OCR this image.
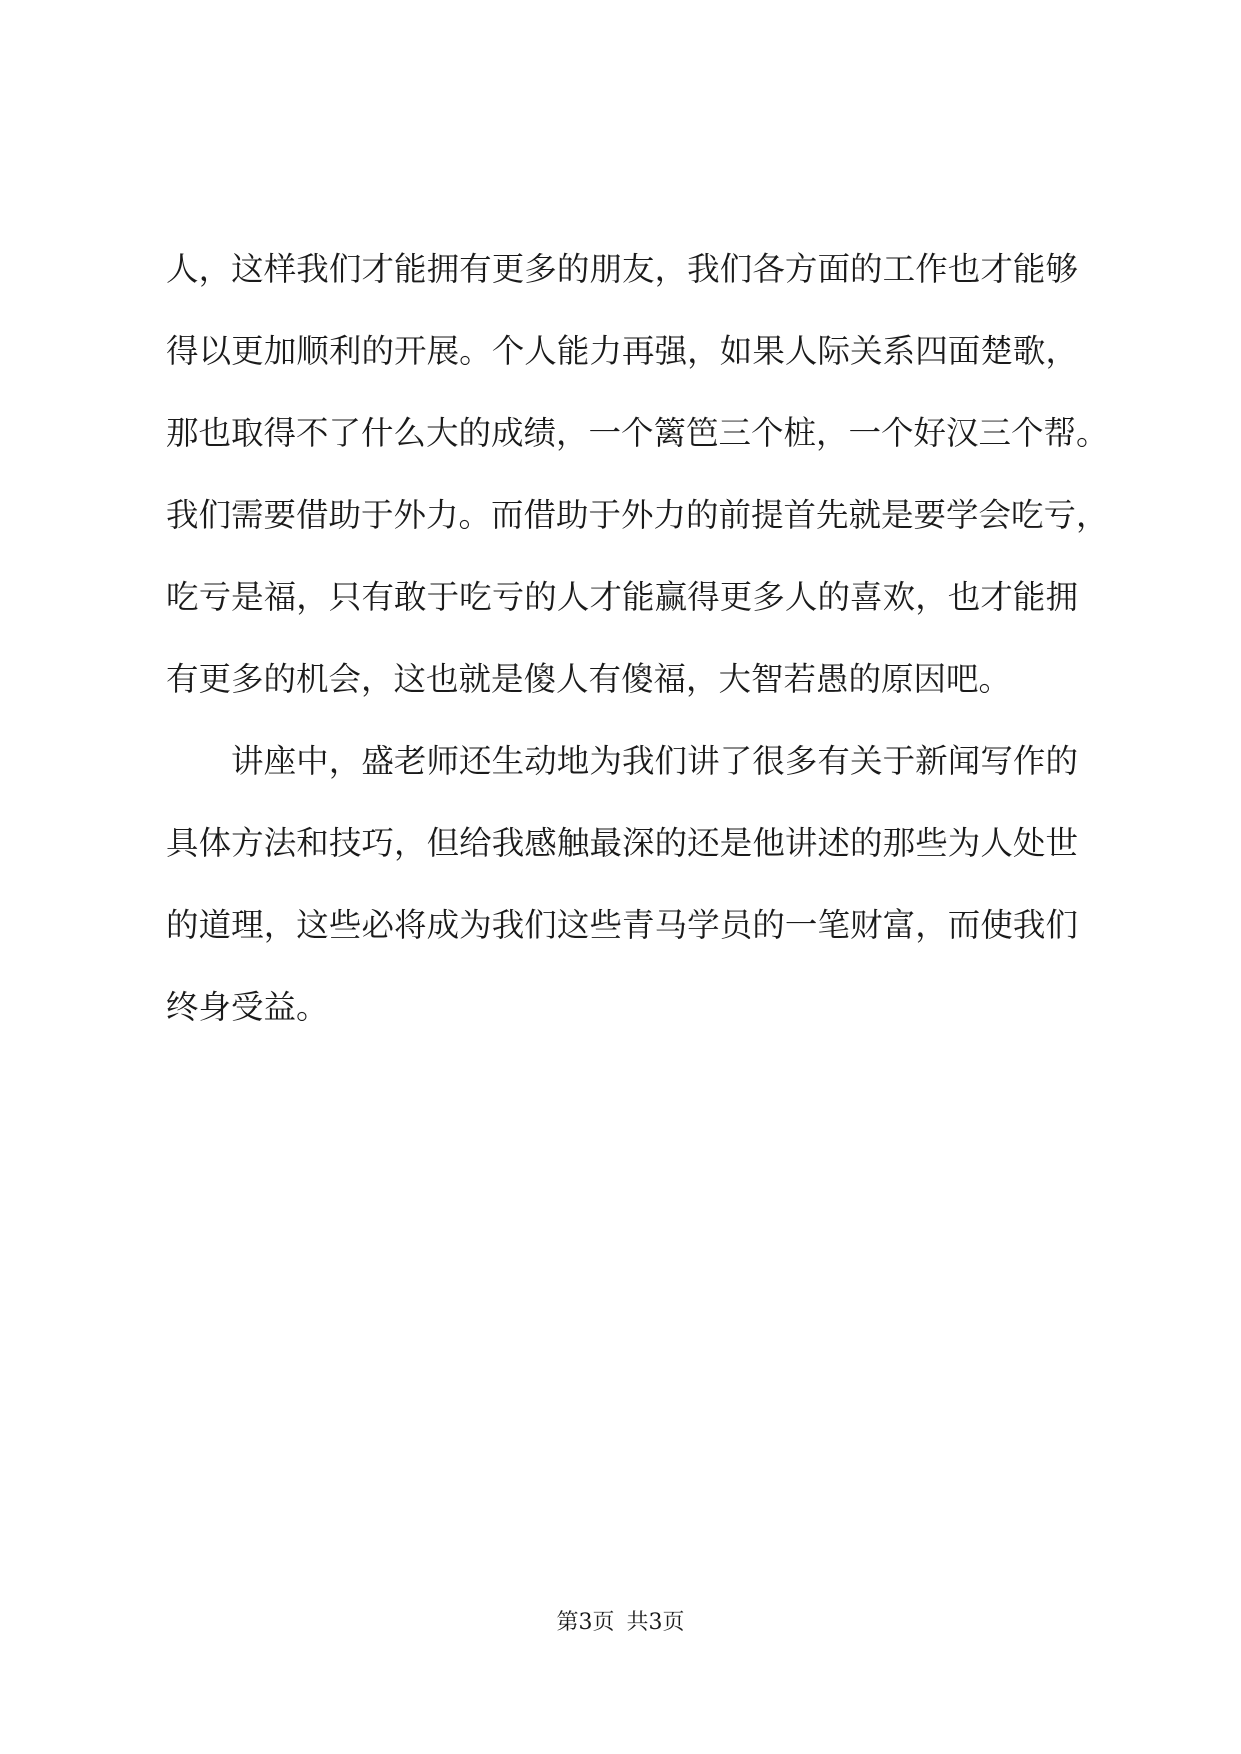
人，这样我们才能拥有更多的朋友，我们各方面的工作也才能够
得以更加顺利的开展。个人能力再强，如果人际关系四面楚歌，
那也取得不了什么大的成绩，一个篱笆三个桩，一个好汉三个帮。
我们需要借助于外力。而借助于外力的前提首先就是要学会吃亏，
吃亏是福，只有敢于吃亏的人才能赢得更多人的喜欢，也才能拥
有更多的机会，这也就是傻人有傻福，大智若愚的原因吧。
讲座中，盛老师还生动地为我们讲了很多有关于新闻写作的
具体方法和技巧，但给我感触最深的还是他讲述的那些为人处世
的道理，这些必将成为我们这些青马学员的一笔财富，而使我们
终身受益。
第3页 共3页
